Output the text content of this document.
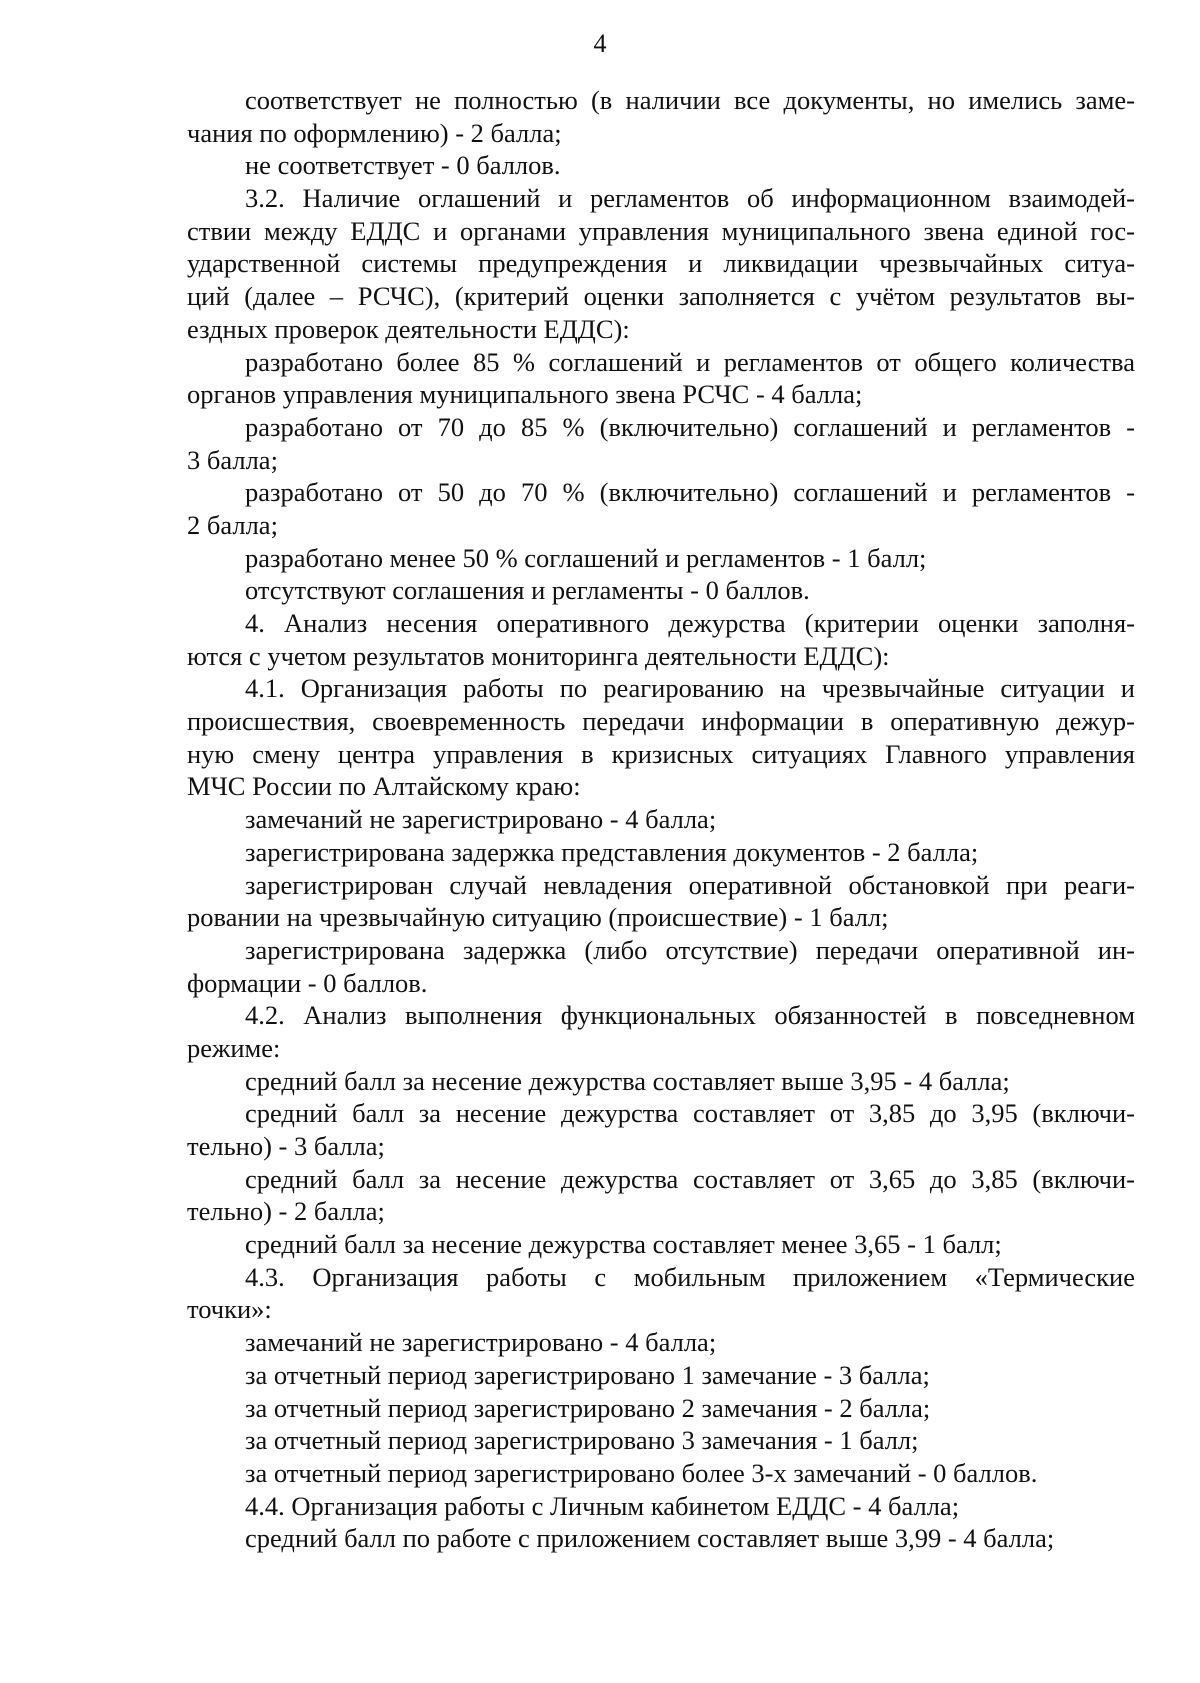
4
соответствует не полностью (в наличии все документы, но имелись заме-
чания по оформлению) - 2 балла;
не соответствует - 0 баллов.
3.2. Наличие оглашений и регламентов об информационном взаимодей-
ствии между ЕДДС и органами управления муниципального звена единой гос-
ударственной системы предупреждения и ликвидации чрезвычайных ситуа-
ций (далее – РСЧС), (критерий оценки заполняется с учётом результатов вы-
ездных проверок деятельности ЕДДС):
разработано более 85 % соглашений и регламентов от общего количества
органов управления муниципального звена РСЧС - 4 балла;
разработано от 70 до 85 % (включительно) соглашений и регламентов -
3 балла;
разработано от 50 до 70 % (включительно) соглашений и регламентов -
2 балла;
разработано менее 50 % соглашений и регламентов - 1 балл;
отсутствуют соглашения и регламенты - 0 баллов.
4. Анализ несения оперативного дежурства (критерии оценки заполня-
ются с учетом результатов мониторинга деятельности ЕДДС):
4.1. Организация работы по реагированию на чрезвычайные ситуации и
происшествия, своевременность передачи информации в оперативную дежур-
ную смену центра управления в кризисных ситуациях Главного управления
МЧС России по Алтайскому краю:
замечаний не зарегистрировано - 4 балла;
зарегистрирована задержка представления документов - 2 балла;
зарегистрирован случай невладения оперативной обстановкой при реаги-
ровании на чрезвычайную ситуацию (происшествие) - 1 балл;
зарегистрирована задержка (либо отсутствие) передачи оперативной ин-
формации - 0 баллов.
4.2. Анализ выполнения функциональных обязанностей в повседневном
режиме:
средний балл за несение дежурства составляет выше 3,95 - 4 балла;
средний балл за несение дежурства составляет от 3,85 до 3,95 (включи-
тельно) - 3 балла;
средний балл за несение дежурства составляет от 3,65 до 3,85 (включи-
тельно) - 2 балла;
средний балл за несение дежурства составляет менее 3,65 - 1 балл;
4.3. Организация работы с мобильным приложением «Термические
точки»:
замечаний не зарегистрировано - 4 балла;
за отчетный период зарегистрировано 1 замечание - 3 балла;
за отчетный период зарегистрировано 2 замечания - 2 балла;
за отчетный период зарегистрировано 3 замечания - 1 балл;
за отчетный период зарегистрировано более 3-х замечаний - 0 баллов.
4.4. Организация работы с Личным кабинетом ЕДДС - 4 балла;
средний балл по работе с приложением составляет выше 3,99 - 4 балла;
